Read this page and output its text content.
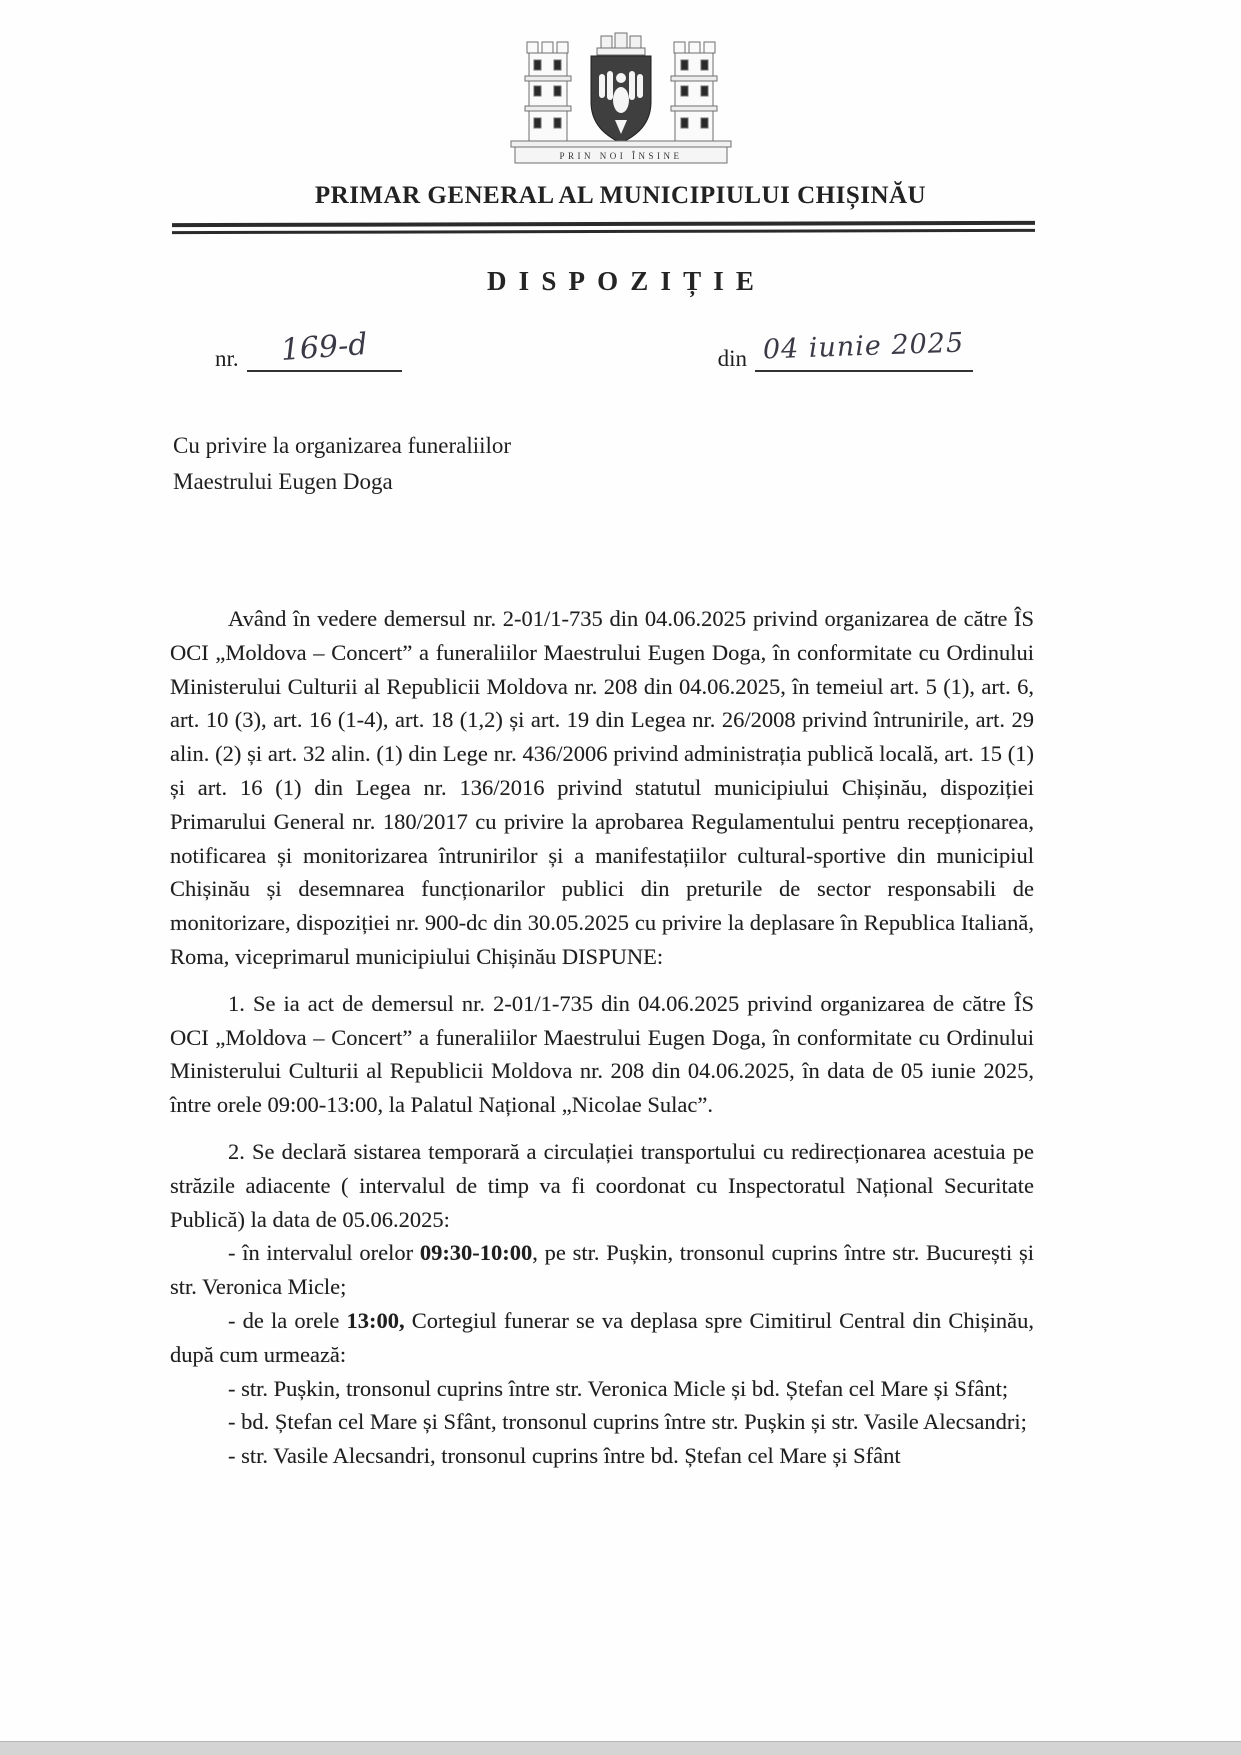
PRIN NOI ÎNSINE
PRIMAR GENERAL AL MUNICIPIULUI CHIȘINĂU
DISPOZIȚIE
nr.	169-d	din 04 iunie 2025
Cu privire la organizarea funeraliilor
Maestrului Eugen Doga

Având în vedere demersul nr. 2-01/1-735 din 04.06.2025 privind organizarea de către ÎS OCI „Moldova – Concert” a funeraliilor Maestrului Eugen Doga, în conformitate cu Ordinului Ministerului Culturii al Republicii Moldova nr. 208 din 04.06.2025, în temeiul art. 5 (1), art. 6, art. 10 (3), art. 16 (1-4), art. 18 (1,2) și art. 19 din Legea nr. 26/2008 privind întrunirile, art. 29 alin. (2) și art. 32 alin. (1) din Lege nr. 436/2006 privind administrația publică locală, art. 15 (1) și art. 16 (1) din Legea nr. 136/2016 privind statutul municipiului Chișinău, dispoziției Primarului General nr. 180/2017 cu privire la aprobarea Regulamentului pentru recepționarea, notificarea și monitorizarea întrunirilor și a manifestațiilor cultural-sportive din municipiul Chișinău și desemnarea funcționarilor publici din preturile de sector responsabili de monitorizare, dispoziției nr. 900-dc din 30.05.2025 cu privire la deplasare în Republica Italiană, Roma, viceprimarul municipiului Chișinău DISPUNE:

1. Se ia act de demersul nr. 2-01/1-735 din 04.06.2025 privind organizarea de către ÎS OCI „Moldova – Concert” a funeraliilor Maestrului Eugen Doga, în conformitate cu Ordinului Ministerului Culturii al Republicii Moldova nr. 208 din 04.06.2025, în data de 05 iunie 2025, între orele 09:00-13:00, la Palatul Național „Nicolae Sulac”.

2. Se declară sistarea temporară a circulației transportului cu redirecționarea acestuia pe străzile adiacente ( intervalul de timp va fi coordonat cu Inspectoratul Național Securitate Publică) la data de 05.06.2025:

- în intervalul orelor 09:30-10:00, pe str. Pușkin, tronsonul cuprins între str. București și str. Veronica Micle;

- de la orele 13:00, Cortegiul funerar se va deplasa spre Cimitirul Central din Chișinău, după cum urmează:

- str. Pușkin, tronsonul cuprins între str. Veronica Micle și bd. Ștefan cel Mare și Sfânt;

- bd. Ștefan cel Mare și Sfânt, tronsonul cuprins între str. Pușkin și str. Vasile Alecsandri;

- str. Vasile Alecsandri, tronsonul cuprins între bd. Ștefan cel Mare și Sfânt
